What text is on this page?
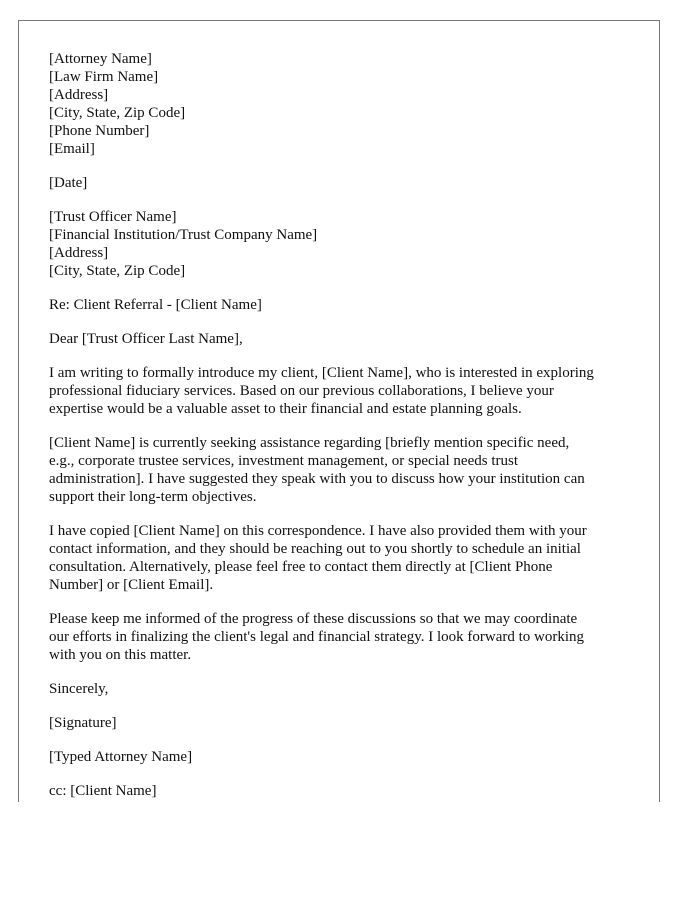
[Attorney Name]
[Law Firm Name]
[Address]
[City, State, Zip Code]
[Phone Number]
[Email]
[Date]
[Trust Officer Name]
[Financial Institution/Trust Company Name]
[Address]
[City, State, Zip Code]
Re: Client Referral - [Client Name]
Dear [Trust Officer Last Name],

I am writing to formally introduce my client, [Client Name], who is interested in exploring
professional fiduciary services. Based on our previous collaborations, I believe your
expertise would be a valuable asset to their financial and estate planning goals.

[Client Name] is currently seeking assistance regarding [briefly mention specific need,
e.g., corporate trustee services, investment management, or special needs trust
administration]. I have suggested they speak with you to discuss how your institution can
support their long-term objectives.

I have copied [Client Name] on this correspondence. I have also provided them with your
contact information, and they should be reaching out to you shortly to schedule an initial
consultation. Alternatively, please feel free to contact them directly at [Client Phone
Number] or [Client Email].

Please keep me informed of the progress of these discussions so that we may coordinate
our efforts in finalizing the client's legal and financial strategy. I look forward to working
with you on this matter.

Sincerely,
[Signature]
[Typed Attorney Name]
cc: [Client Name]
